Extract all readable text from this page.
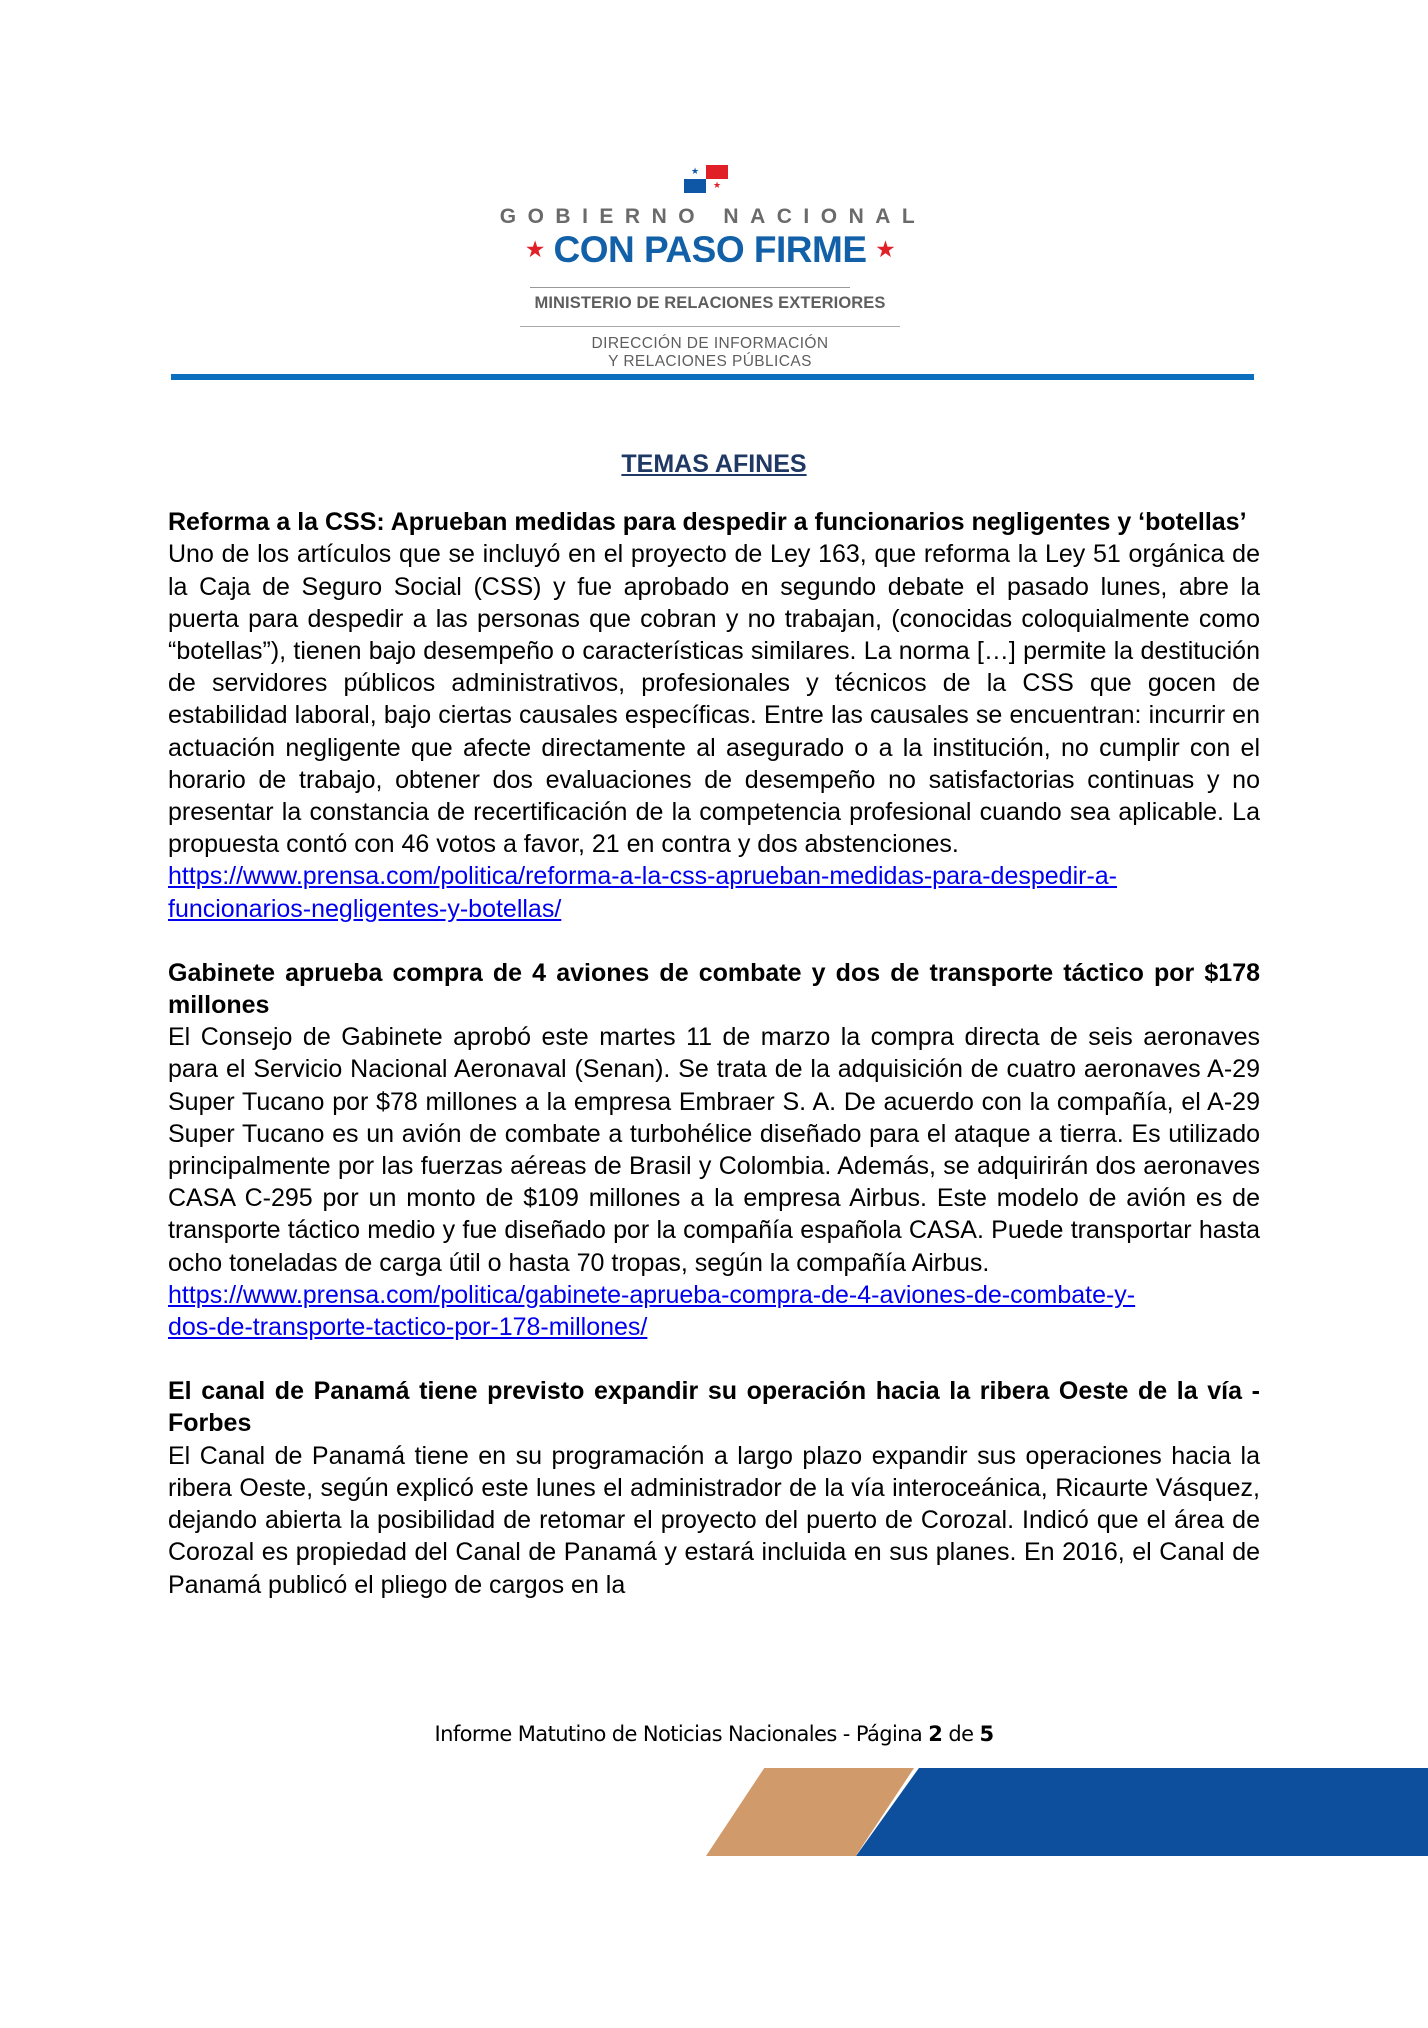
★
★
GOBIERNO NACIONAL
★ CON PASO FIRME ★
MINISTERIO DE RELACIONES EXTERIORES
DIRECCIÓN DE INFORMACIÓN
Y RELACIONES PÚBLICAS
TEMAS AFINES

Reforma a la CSS: Aprueban medidas para despedir a funcionarios negligentes y ‘botellas’

Uno de los artículos que se incluyó en el proyecto de Ley 163, que reforma la Ley 51 orgánica de la Caja de Seguro Social (CSS) y fue aprobado en segundo debate el pasado lunes, abre la puerta para despedir a las personas que cobran y no trabajan, (conocidas coloquialmente como “botellas”), tienen bajo desempeño o características similares. La norma […] permite la destitución de servidores públicos administrativos, profesionales y técnicos de la CSS que gocen de estabilidad laboral, bajo ciertas causales específicas. Entre las causales se encuentran: incurrir en actuación negligente que afecte directamente al asegurado o a la institución, no cumplir con el horario de trabajo, obtener dos evaluaciones de desempeño no satisfactorias continuas y no presentar la constancia de recertificación de la competencia profesional cuando sea aplicable. La propuesta contó con 46 votos a favor, 21 en contra y dos abstenciones.

https://www.prensa.com/politica/reforma-a-la-css-aprueban-medidas-para-despedir-a-
funcionarios-negligentes-y-botellas/

Gabinete aprueba compra de 4 aviones de combate y dos de transporte táctico por $178 millones

El Consejo de Gabinete aprobó este martes 11 de marzo la compra directa de seis aeronaves para el Servicio Nacional Aeronaval (Senan). Se trata de la adquisición de cuatro aeronaves A-29 Super Tucano por $78 millones a la empresa Embraer S. A. De acuerdo con la compañía, el A-29 Super Tucano es un avión de combate a turbohélice diseñado para el ataque a tierra. Es utilizado principalmente por las fuerzas aéreas de Brasil y Colombia. Además, se adquirirán dos aeronaves CASA C-295 por un monto de $109 millones a la empresa Airbus. Este modelo de avión es de transporte táctico medio y fue diseñado por la compañía española CASA. Puede transportar hasta ocho toneladas de carga útil o hasta 70 tropas, según la compañía Airbus.

https://www.prensa.com/politica/gabinete-aprueba-compra-de-4-aviones-de-combate-y-
dos-de-transporte-tactico-por-178-millones/

El canal de Panamá tiene previsto expandir su operación hacia la ribera Oeste de la vía - Forbes

El Canal de Panamá tiene en su programación a largo plazo expandir sus operaciones hacia la ribera Oeste, según explicó este lunes el administrador de la vía interoceánica, Ricaurte Vásquez, dejando abierta la posibilidad de retomar el proyecto del puerto de Corozal. Indicó que el área de Corozal es propiedad del Canal de Panamá y estará incluida en sus planes. En 2016, el Canal de Panamá publicó el pliego de cargos en la

Informe Matutino de Noticias Nacionales - Página 2 de 5
